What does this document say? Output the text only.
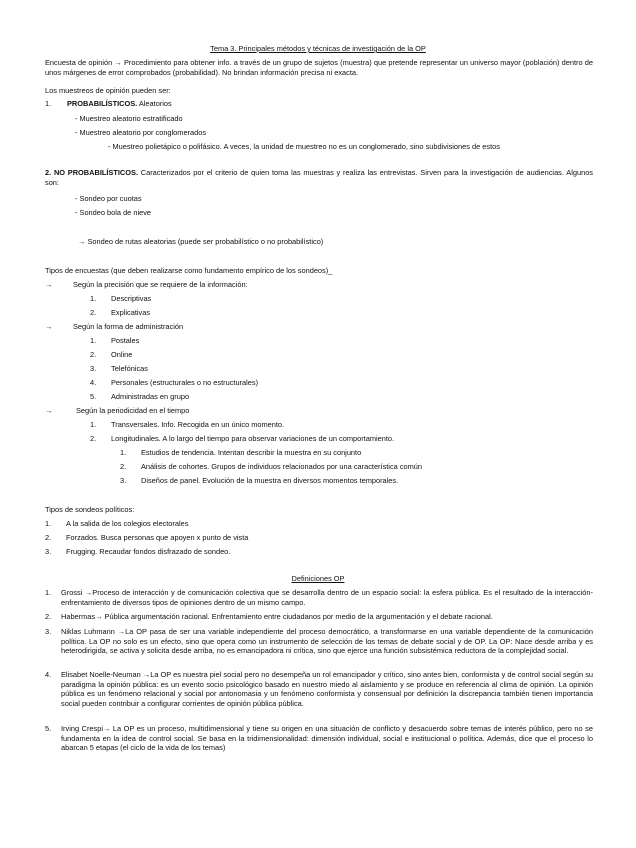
Tema 3. Principales métodos y técnicas de investigación de la OP
Encuesta de opinión → Procedimiento para obtener info. a través de un grupo de sujetos (muestra) que pretende representar un universo mayor (población) dentro de unos márgenes de error comprobados (probabilidad). No brindan información precisa ni exacta.
Los muestreos de opinión pueden ser:
1. PROBABILÍSTICOS. Aleatorios
- Muestreo aleatorio estratificado
- Muestreo aleatorio por conglomerados
- Muestreo polietápico o polifásico. A veces, la unidad de muestreo no es un conglomerado, sino subdivisiones de estos
2. NO PROBABILÍSTICOS. Caracterizados por el criterio de quien toma las muestras y realiza las entrevistas. Sirven para la investigación de audiencias. Algunos son:
- Sondeo por cuotas
- Sondeo bola de nieve
→ Sondeo de rutas aleatorias (puede ser probabilístico o no probabilístico)
Tipos de encuestas (que deben realizarse como fundamento empírico de los sondeos)_
→	Según la precisión que se requiere de la información:
1. Descriptivas
2. Explicativas
→	Según la forma de administración
1. Postales
2. Online
3. Telefónicas
4. Personales (estructurales o no estructurales)
5. Administradas en grupo
→	Según la periodicidad en el tiempo
1. Transversales. Info. Recogida en un único momento.
2. Longitudinales. A lo largo del tiempo para observar variaciones de un comportamiento.
1. Estudios de tendencia. Intentan describir la muestra en su conjunto
2. Análisis de cohortes. Grupos de individuos relacionados por una característica común
3. Diseños de panel. Evolución de la muestra en diversos momentos temporales.
Tipos de sondeos políticos:
1. A la salida de los colegios electorales
2. Forzados. Busca personas que apoyen x punto de vista
3. Frugging. Recaudar fondos disfrazado de sondeo.
Definiciones OP
1. Grossi →Proceso de interacción y de comunicación colectiva que se desarrolla dentro de un espacio social: la esfera pública. Es el resultado de la interacción- enfrentamiento de diversos tipos de opiniones dentro de un mismo campo.
2. Habermas→ Pública argumentación racional. Enfrentamiento entre ciudadanos por medio de la argumentación y el debate racional.
3. Niklas Luhmann →La OP pasa de ser una variable independiente del proceso democrático, a transformarse en una variable dependiente de la comunicación política. La OP no solo es un efecto, sino que opera como un instrumento de selección de los temas de debate social y de OP. La OP: Nace desde arriba y es heterodirigida, se activa y solicita desde arriba, no es emancipadora ni crítica, sino que ejerce una función subsistémica reductora de la complejidad social.
4. Elisabet Noelle-Neuman →La OP es nuestra piel social pero no desempeña un rol emancipador y crítico, sino antes bien, conformista y de control social según su paradigma la opinión pública: es un evento socio psicológico basado en nuestro miedo al aislamiento y se produce en referencia al clima de opinión. La opinión pública es un fenómeno relacional y social por antonomasia y un fenómeno conformista y consensual por definición la discrepancia también tienen importancia social pueden contribuir a configurar corrientes de opinión pública pública.
5. Irving Crespi→ La OP es un proceso, multidimensional y tiene su origen en una situación de conflicto y desacuerdo sobre temas de interés público, pero no se fundamenta en la idea de control social. Se basa en la tridimensionalidad: dimensión individual, social e institucional o política. Además, dice que el proceso lo abarcan 5 etapas (el ciclo de la vida de los temas)
